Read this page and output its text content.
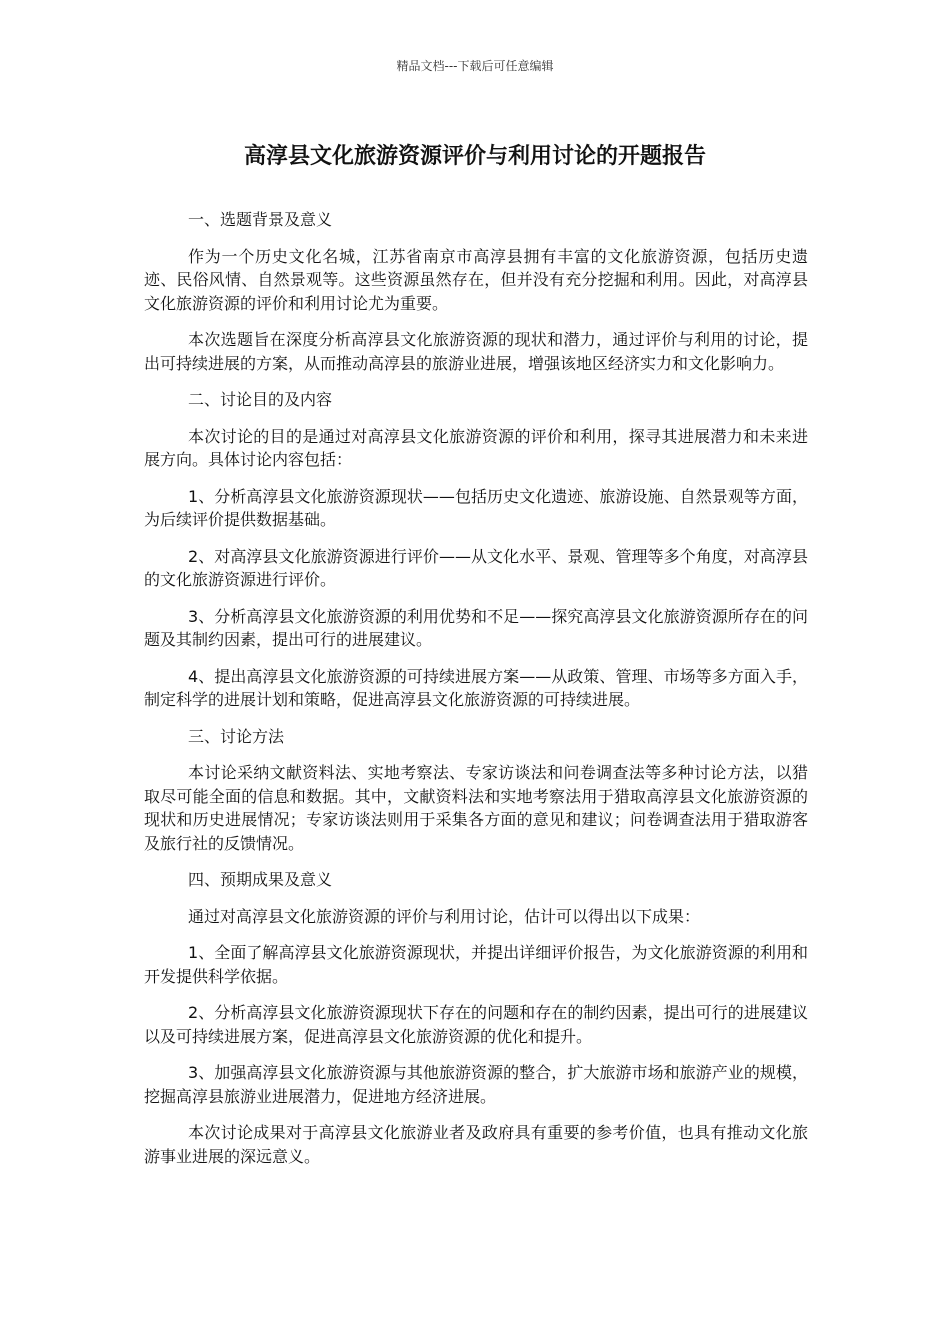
精品文档---下载后可任意编辑
高淳县文化旅游资源评价与利用讨论的开题报告
一、选题背景及意义
作为一个历史文化名城，江苏省南京市高淳县拥有丰富的文化旅游资源，包括历史遗迹、民俗风情、自然景观等。这些资源虽然存在，但并没有充分挖掘和利用。因此，对高淳县文化旅游资源的评价和利用讨论尤为重要。
本次选题旨在深度分析高淳县文化旅游资源的现状和潜力，通过评价与利用的讨论，提出可持续进展的方案，从而推动高淳县的旅游业进展，增强该地区经济实力和文化影响力。
二、讨论目的及内容
本次讨论的目的是通过对高淳县文化旅游资源的评价和利用，探寻其进展潜力和未来进展方向。具体讨论内容包括：
1、分析高淳县文化旅游资源现状——包括历史文化遗迹、旅游设施、自然景观等方面，为后续评价提供数据基础。
2、对高淳县文化旅游资源进行评价——从文化水平、景观、管理等多个角度，对高淳县的文化旅游资源进行评价。
3、分析高淳县文化旅游资源的利用优势和不足——探究高淳县文化旅游资源所存在的问题及其制约因素，提出可行的进展建议。
4、提出高淳县文化旅游资源的可持续进展方案——从政策、管理、市场等多方面入手，制定科学的进展计划和策略，促进高淳县文化旅游资源的可持续进展。
三、讨论方法
本讨论采纳文献资料法、实地考察法、专家访谈法和问卷调查法等多种讨论方法，以猎取尽可能全面的信息和数据。其中，文献资料法和实地考察法用于猎取高淳县文化旅游资源的现状和历史进展情况；专家访谈法则用于采集各方面的意见和建议；问卷调查法用于猎取游客及旅行社的反馈情况。
四、预期成果及意义
通过对高淳县文化旅游资源的评价与利用讨论，估计可以得出以下成果：
1、全面了解高淳县文化旅游资源现状，并提出详细评价报告，为文化旅游资源的利用和开发提供科学依据。
2、分析高淳县文化旅游资源现状下存在的问题和存在的制约因素，提出可行的进展建议以及可持续进展方案，促进高淳县文化旅游资源的优化和提升。
3、加强高淳县文化旅游资源与其他旅游资源的整合，扩大旅游市场和旅游产业的规模，挖掘高淳县旅游业进展潜力，促进地方经济进展。
本次讨论成果对于高淳县文化旅游业者及政府具有重要的参考价值，也具有推动文化旅游事业进展的深远意义。
